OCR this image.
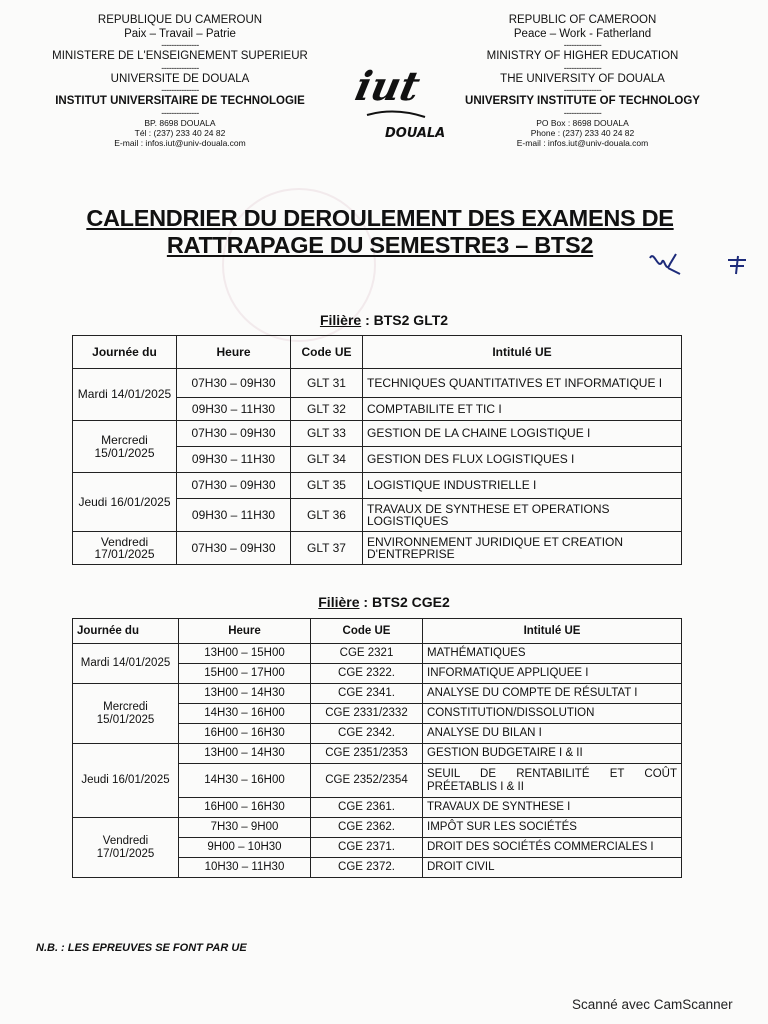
REPUBLIQUE DU CAMEROUN
Paix – Travail – Patrie
---------------
MINISTERE DE L'ENSEIGNEMENT SUPERIEUR
---------------
UNIVERSITE DE DOUALA
---------------
INSTITUT UNIVERSITAIRE DE TECHNOLOGIE
---------------
BP. 8698 DOUALA
Tél : (237) 233 40 24 82
E-mail : infos.iut@univ-douala.com
REPUBLIC OF CAMEROON
Peace – Work - Fatherland
---------------
MINISTRY OF HIGHER EDUCATION
---------------
THE UNIVERSITY OF DOUALA
---------------
UNIVERSITY INSTITUTE OF TECHNOLOGY
---------------
PO Box : 8698 DOUALA
Phone : (237) 233 40 24 82
E-mail : infos.iut@univ-douala.com
iut
DOUALA
CALENDRIER DU DEROULEMENT DES EXAMENS DE
RATTRAPAGE DU SEMESTRE3 – BTS2
Filière : BTS2 GLT2
Journée du	Heure	Code UE	Intitulé UE
Mardi 14/01/2025	07H30 – 09H30	GLT 31	TECHNIQUES QUANTITATIVES ET INFORMATIQUE I
	09H30 – 11H30	GLT 32	COMPTABILITE ET TIC I
Mercredi 15/01/2025	07H30 – 09H30	GLT 33	GESTION DE LA CHAINE LOGISTIQUE I
	09H30 – 11H30	GLT 34	GESTION DES FLUX LOGISTIQUES I
Jeudi 16/01/2025	07H30 – 09H30	GLT 35	LOGISTIQUE INDUSTRIELLE I
	09H30 – 11H30	GLT 36	TRAVAUX DE SYNTHESE ET OPERATIONS LOGISTIQUES
Vendredi 17/01/2025	07H30 – 09H30	GLT 37	ENVIRONNEMENT JURIDIQUE ET CREATION D'ENTREPRISE
Filière : BTS2 CGE2
Journée du	Heure	Code UE	Intitulé UE
Mardi 14/01/2025	13H00 – 15H00	CGE 2321	MATHÉMATIQUES
	15H00 – 17H00	CGE 2322.	INFORMATIQUE APPLIQUEE I
Mercredi 15/01/2025	13H00 – 14H30	CGE 2341.	ANALYSE DU COMPTE DE RÉSULTAT I
	14H30 – 16H00	CGE 2331/2332	CONSTITUTION/DISSOLUTION
	16H00 – 16H30	CGE 2342.	ANALYSE DU BILAN I
Jeudi 16/01/2025	13H00 – 14H30	CGE 2351/2353	GESTION BUDGETAIRE I & II
	14H30 – 16H00	CGE 2352/2354	SEUIL DE RENTABILITÉ ET COÛT PRÉETABLIS I & II
	16H00 – 16H30	CGE 2361.	TRAVAUX DE SYNTHESE I
Vendredi 17/01/2025	7H30 – 9H00	CGE 2362.	IMPÔT SUR LES SOCIÉTÉS
	9H00 – 10H30	CGE 2371.	DROIT DES SOCIÉTÉS COMMERCIALES I
	10H30 – 11H30	CGE 2372.	DROIT CIVIL
N.B. : LES EPREUVES SE FONT PAR UE
Scanné avec CamScanner
